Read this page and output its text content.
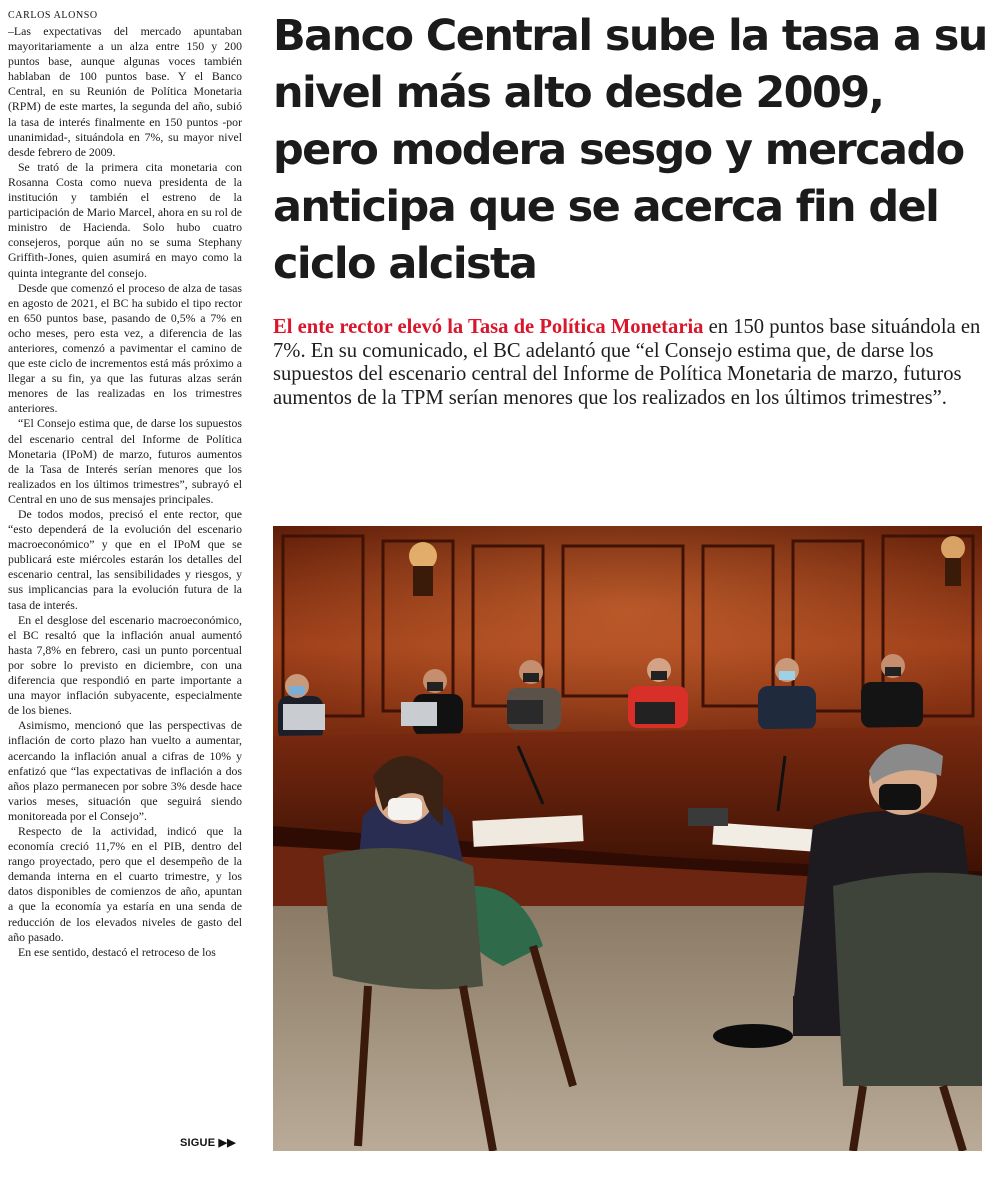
CARLOS ALONSO

–Las expectativas del mercado apuntaban mayoritariamente a un alza entre 150 y 200 puntos base, aunque algunas voces también hablaban de 100 puntos base. Y el Banco Central, en su Reunión de Política Monetaria (RPM) de este martes, la segunda del año, subió la tasa de interés finalmente en 150 puntos -por unanimidad-, situándola en 7%, su mayor nivel desde febrero de 2009.

Se trató de la primera cita monetaria con Rosanna Costa como nueva presidenta de la institución y también el estreno de la participación de Mario Marcel, ahora en su rol de ministro de Hacienda. Solo hubo cuatro consejeros, porque aún no se suma Stephany Griffith-Jones, quien asumirá en mayo como la quinta integrante del consejo.

Desde que comenzó el proceso de alza de tasas en agosto de 2021, el BC ha subido el tipo rector en 650 puntos base, pasando de 0,5% a 7% en ocho meses, pero esta vez, a diferencia de las anteriores, comenzó a pavimentar el camino de que este ciclo de incrementos está más próximo a llegar a su fin, ya que las futuras alzas serán menores de las realizadas en los trimestres anteriores.

“El Consejo estima que, de darse los supuestos del escenario central del Informe de Política Monetaria (IPoM) de marzo, futuros aumentos de la Tasa de Interés serían menores que los realizados en los últimos trimestres”, subrayó el Central en uno de sus mensajes principales.

De todos modos, precisó el ente rector, que “esto dependerá de la evolución del escenario macroeconómico” y que en el IPoM que se publicará este miércoles estarán los detalles del escenario central, las sensibilidades y riesgos, y sus implicancias para la evolución futura de la tasa de interés.

En el desglose del escenario macroeconómico, el BC resaltó que la inflación anual aumentó hasta 7,8% en febrero, casi un punto porcentual por sobre lo previsto en diciembre, con una diferencia que respondió en parte importante a una mayor inflación subyacente, especialmente de los bienes.

Asimismo, mencionó que las perspectivas de inflación de corto plazo han vuelto a aumentar, acercando la inflación anual a cifras de 10% y enfatizó que “las expectativas de inflación a dos años plazo permanecen por sobre 3% desde hace varios meses, situación que seguirá siendo monitoreada por el Consejo”.

Respecto de la actividad, indicó que la economía creció 11,7% en el PIB, dentro del rango proyectado, pero que el desempeño de la demanda interna en el cuarto trimestre, y los datos disponibles de comienzos de año, apuntan a que la economía ya estaría en una senda de reducción de los elevados niveles de gasto del año pasado.

En ese sentido, destacó el retroceso de los

SIGUE ▶▶
Banco Central sube la tasa a su nivel más alto desde 2009, pero modera sesgo y mercado anticipa que se acerca fin del ciclo alcista

El ente rector elevó la Tasa de Política Monetaria en 150 puntos base situándola en 7%. En su comunicado, el BC adelantó que “el Consejo estima que, de darse los supuestos del escenario central del Informe de Política Monetaria de marzo, futuros aumentos de la TPM serían menores que los realizados en los últimos trimestres”.
